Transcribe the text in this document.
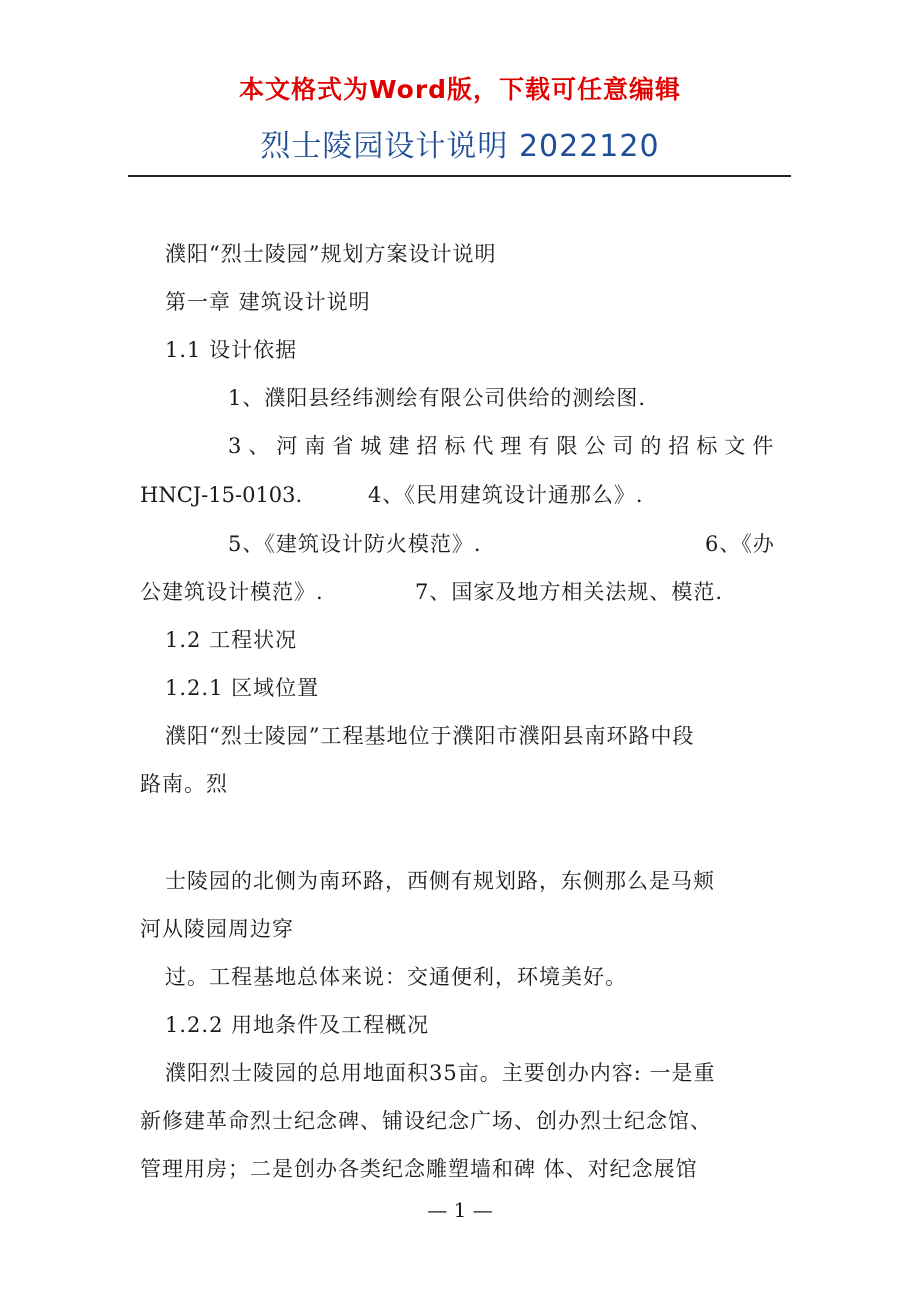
本文格式为Word版，下载可任意编辑
烈士陵园设计说明 2022120
濮阳“烈士陵园”规划方案设计说明
第一章 建筑设计说明
1.1 设计依据
1、濮阳县经纬测绘有限公司供给的测绘图.
3、河南省城建招标代理有限公司的招标文件
HNCJ-15-0103.	4、《民用建筑设计通那么》.
5、《建筑设计防火模范》.	6、《办
公建筑设计模范》.	7、国家及地方相关法规、模范.
1.2 工程状况
1.2.1 区域位置
濮阳“烈士陵园”工程基地位于濮阳市濮阳县南环路中段
路南。烈
士陵园的北侧为南环路，西侧有规划路，东侧那么是马颊
河从陵园周边穿
过。工程基地总体来说：交通便利，环境美好。
1.2.2 用地条件及工程概况
濮阳烈士陵园的总用地面积35亩。主要创办内容: 一是重
新修建革命烈士纪念碑、铺设纪念广场、创办烈士纪念馆、
管理用房；二是创办各类纪念雕塑墙和碑 体、对纪念展馆
— 1 —
